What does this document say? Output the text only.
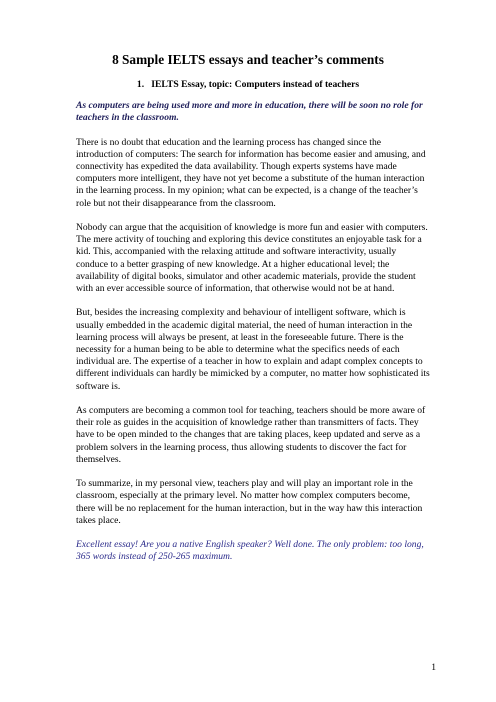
8 Sample IELTS essays and teacher’s comments
1.   IELTS Essay, topic: Computers instead of teachers

As computers are being used more and more in education, there will be soon no role for teachers in the classroom.

There is no doubt that education and the learning process has changed since the introduction of computers: The search for information has become easier and amusing, and connectivity has expedited the data availability. Though experts systems have made computers more intelligent, they have not yet become a substitute of the human interaction in the learning process. In my opinion; what can be expected, is a change of the teacher’s role but not their disappearance from the classroom.

Nobody can argue that the acquisition of knowledge is more fun and easier with computers. The mere activity of touching and exploring this device constitutes an enjoyable task for a kid. This, accompanied with the relaxing attitude and software interactivity, usually conduce to a better grasping of new knowledge. At a higher educational level; the availability of digital books, simulator and other academic materials, provide the student with an ever accessible source of information, that otherwise would not be at hand.

But, besides the increasing complexity and behaviour of intelligent software, which is usually embedded in the academic digital material, the need of human interaction in the learning process will always be present, at least in the foreseeable future. There is the necessity for a human being to be able to determine what the specifics needs of each individual are. The expertise of a teacher in how to explain and adapt complex concepts to different individuals can hardly be mimicked by a computer, no matter how sophisticated its software is.

As computers are becoming a common tool for teaching, teachers should be more aware of their role as guides in the acquisition of knowledge rather than transmitters of facts. They have to be open minded to the changes that are taking places, keep updated and serve as a problem solvers in the learning process, thus allowing students to discover the fact for themselves.

To summarize, in my personal view, teachers play and will play an important role in the classroom, especially at the primary level. No matter how complex computers become, there will be no replacement for the human interaction, but in the way haw this interaction takes place.

Excellent essay! Are you a native English speaker? Well done. The only problem: too long, 365 words instead of 250-265 maximum.

1
